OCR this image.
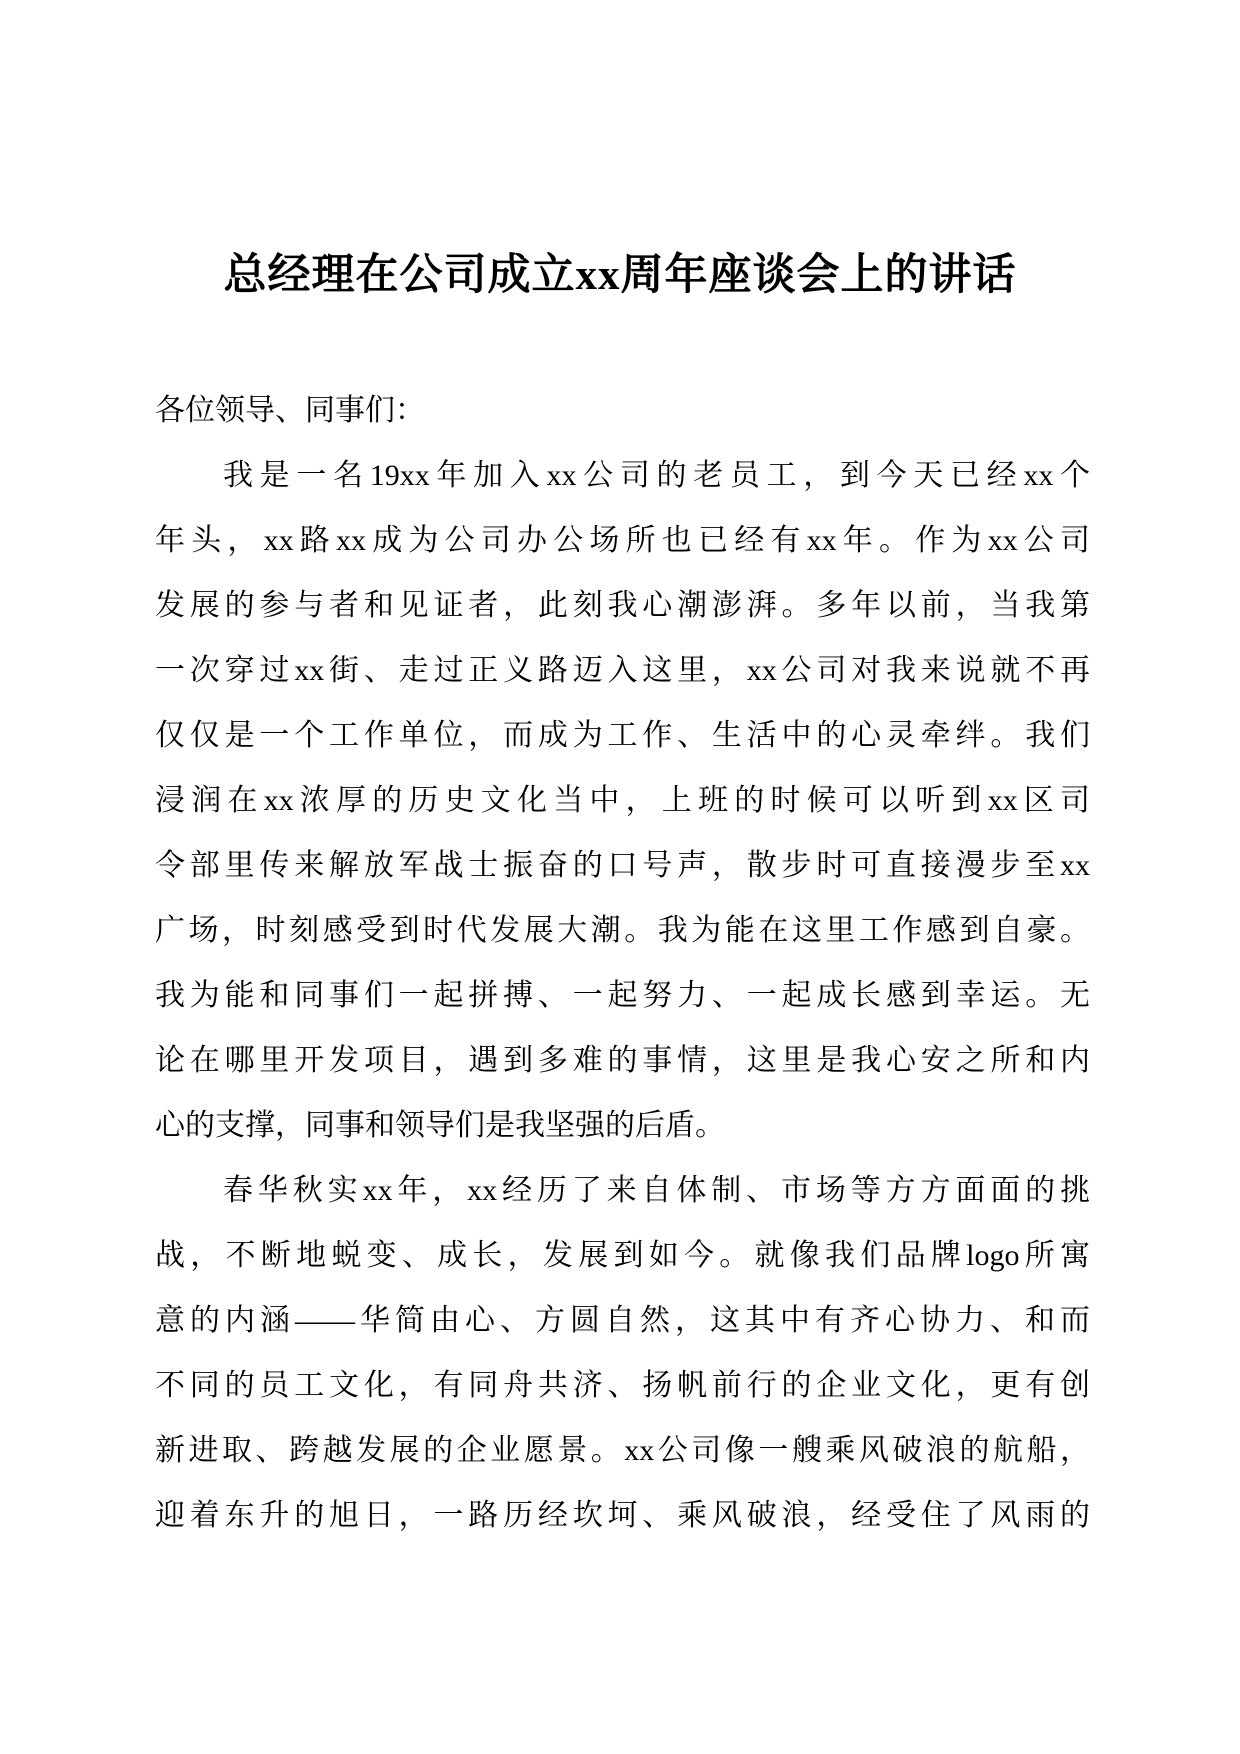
总经理在公司成立xx周年座谈会上的讲话
各位领导、同事们：
我是一名19xx年加入xx公司的老员工，到今天已经xx个
年头，xx路xx成为公司办公场所也已经有xx年。作为xx公司
发展的参与者和见证者，此刻我心潮澎湃。多年以前，当我第
一次穿过xx街、走过正义路迈入这里，xx公司对我来说就不再
仅仅是一个工作单位，而成为工作、生活中的心灵牵绊。我们
浸润在xx浓厚的历史文化当中，上班的时候可以听到xx区司
令部里传来解放军战士振奋的口号声，散步时可直接漫步至xx
广场，时刻感受到时代发展大潮。我为能在这里工作感到自豪。
我为能和同事们一起拼搏、一起努力、一起成长感到幸运。无
论在哪里开发项目，遇到多难的事情，这里是我心安之所和内
心的支撑，同事和领导们是我坚强的后盾。
春华秋实xx年，xx经历了来自体制、市场等方方面面的挑
战，不断地蜕变、成长，发展到如今。就像我们品牌logo所寓
意的内涵——华简由心、方圆自然，这其中有齐心协力、和而
不同的员工文化，有同舟共济、扬帆前行的企业文化，更有创
新进取、跨越发展的企业愿景。xx公司像一艘乘风破浪的航船，
迎着东升的旭日，一路历经坎坷、乘风破浪，经受住了风雨的
